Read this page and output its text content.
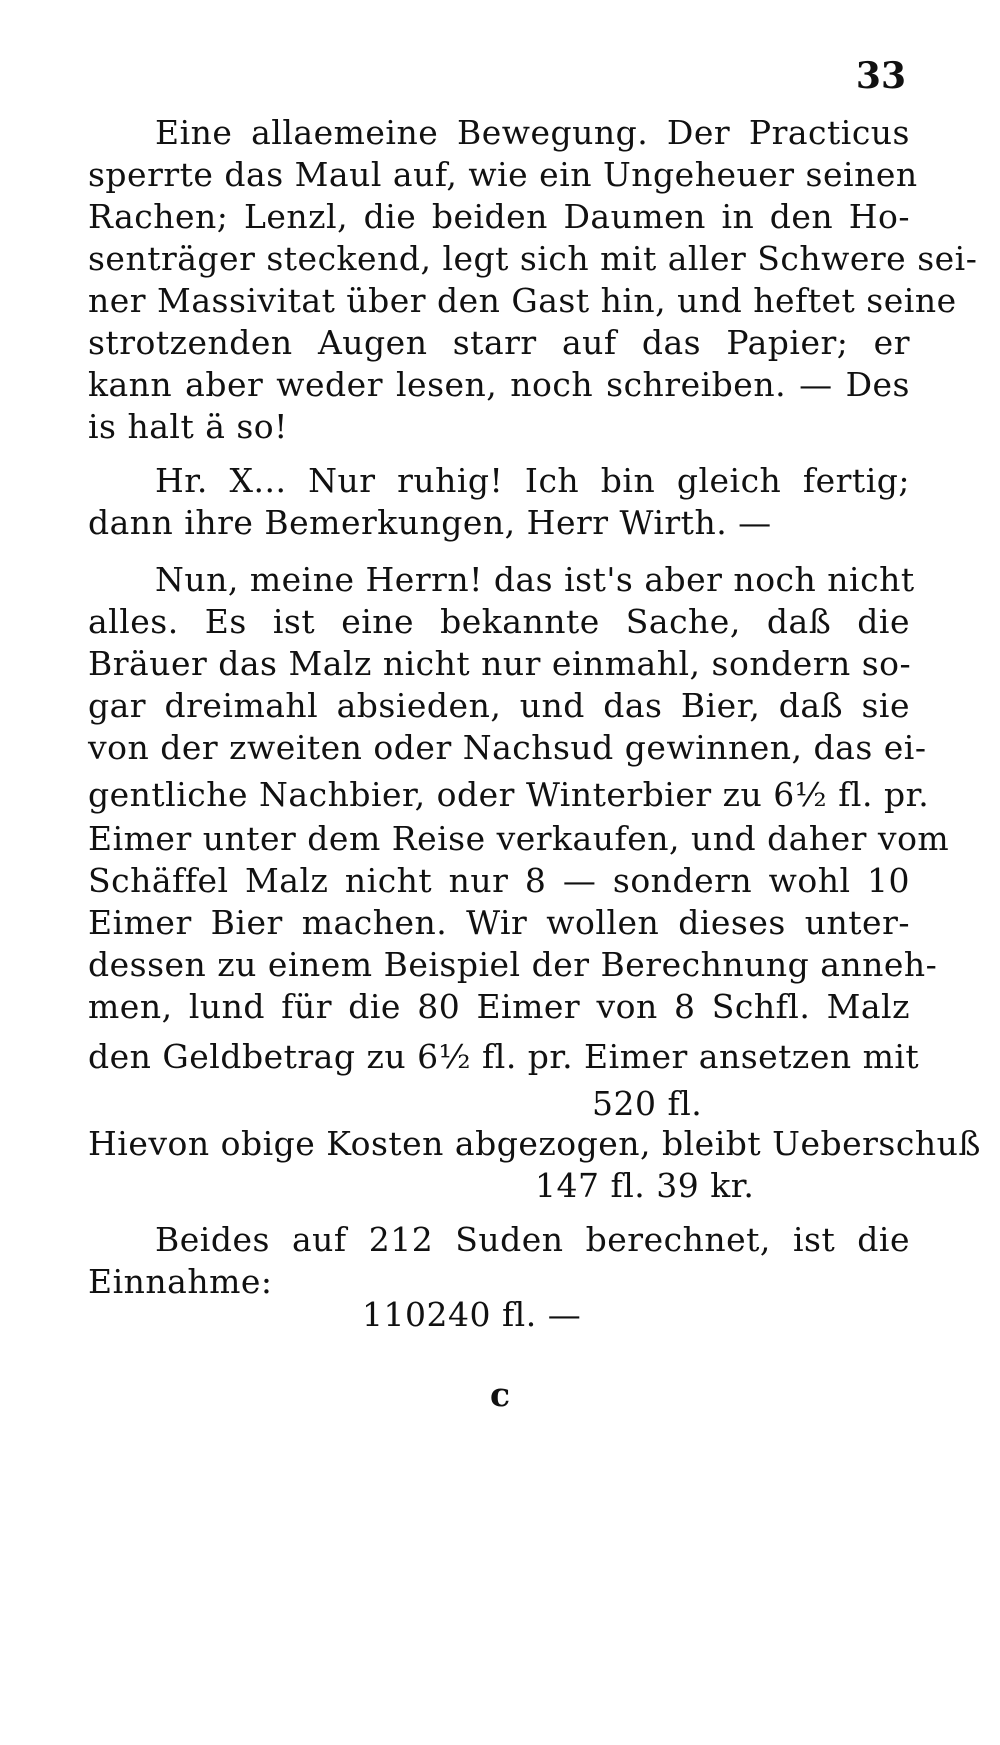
33
Eine allaemeine Bewegung. Der Practicus
sperrte das Maul auf, wie ein Ungeheuer seinen
Rachen; Lenzl, die beiden Daumen in den Ho-
senträger steckend, legt sich mit aller Schwere sei-
ner Massivitat über den Gast hin, und heftet seine
strotzenden Augen starr auf das Papier; er
kann aber weder lesen, noch schreiben. — Des
is halt ä so!
Hr. X... Nur ruhig! Ich bin gleich fertig;
dann ihre Bemerkungen, Herr Wirth. —
Nun, meine Herrn! das ist's aber noch nicht
alles. Es ist eine bekannte Sache, daß die
Bräuer das Malz nicht nur einmahl, sondern so-
gar dreimahl absieden, und das Bier, daß sie
von der zweiten oder Nachsud gewinnen, das ei-
gentliche Nachbier, oder Winterbier zu 6½ fl. pr.
Eimer unter dem Reise verkaufen, und daher vom
Schäffel Malz nicht nur 8 — sondern wohl 10
Eimer Bier machen. Wir wollen dieses unter-
dessen zu einem Beispiel der Berechnung anneh-
men, lund für die 80 Eimer von 8 Schfl. Malz
den Geldbetrag zu 6½ fl. pr. Eimer ansetzen mit
520 fl.
Hievon obige Kosten abgezogen, bleibt Ueberschuß
147 fl. 39 kr.
Beides auf 212 Suden berechnet, ist die
Einnahme:
110240 fl. —
c
